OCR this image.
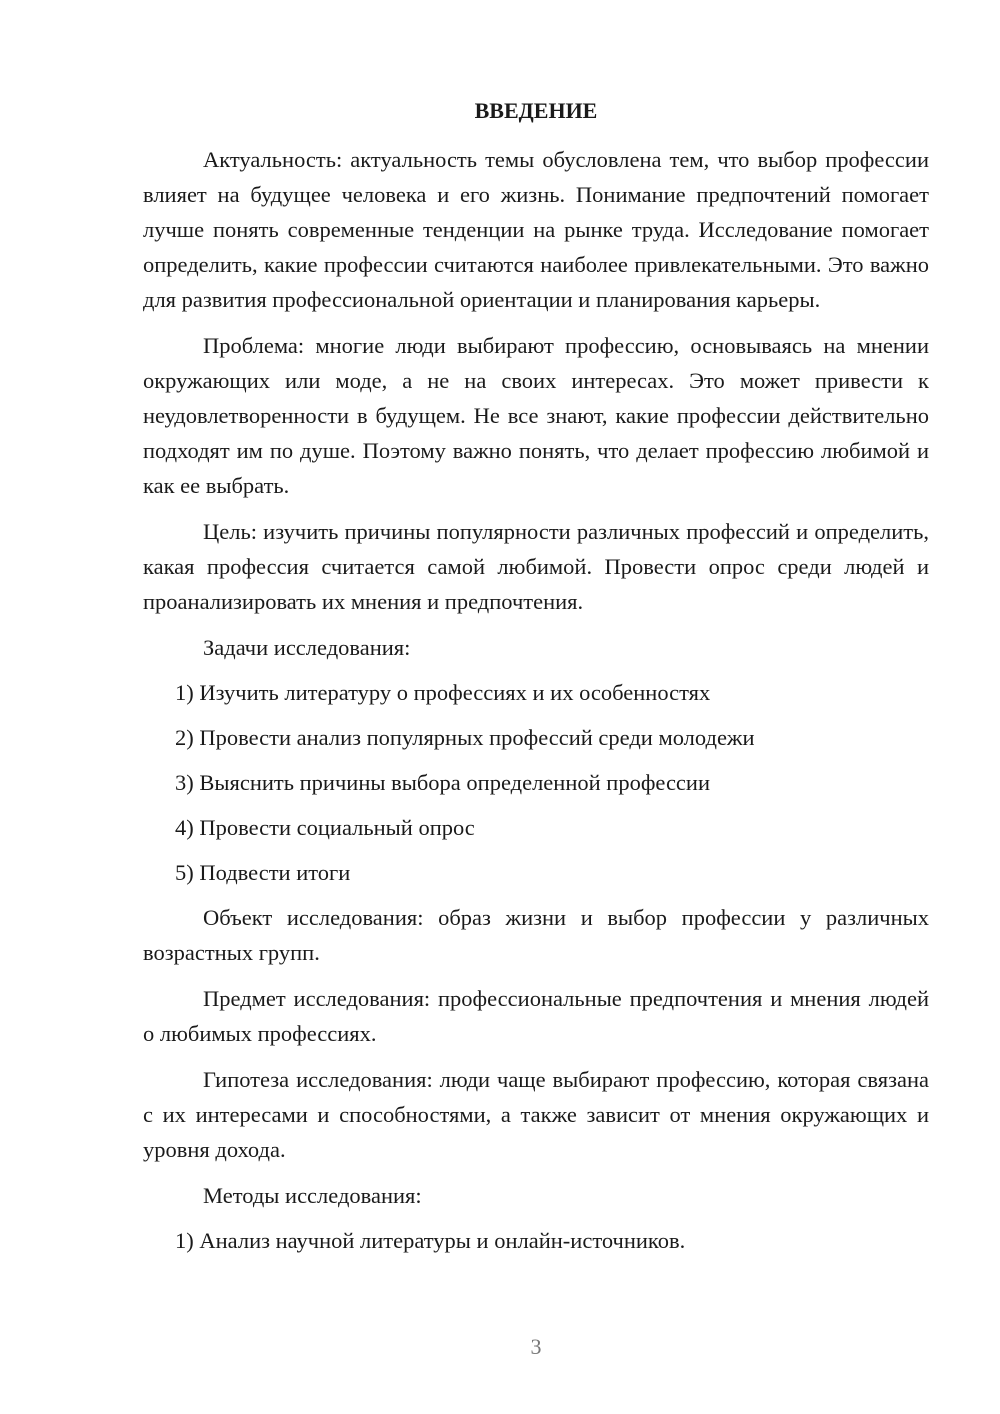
ВВЕДЕНИЕ

Актуальность: актуальность темы обусловлена тем, что выбор профессии влияет на будущее человека и его жизнь. Понимание предпочтений помогает лучше понять современные тенденции на рынке труда. Исследование помогает определить, какие профессии считаются наиболее привлекательными. Это важно для развития профессиональной ориентации и планирования карьеры.

Проблема: многие люди выбирают профессию, основываясь на мнении окружающих или моде, а не на своих интересах. Это может привести к неудовлетворенности в будущем. Не все знают, какие профессии действительно подходят им по душе. Поэтому важно понять, что делает профессию любимой и как ее выбрать.

Цель: изучить причины популярности различных профессий и определить, какая профессия считается самой любимой. Провести опрос среди людей и проанализировать их мнения и предпочтения.

Задачи исследования:

1) Изучить литературу о профессиях и их особенностях

2) Провести анализ популярных профессий среди молодежи

3) Выяснить причины выбора определенной профессии

4) Провести социальный опрос

5) Подвести итоги

Объект исследования: образ жизни и выбор профессии у различных возрастных групп.

Предмет исследования: профессиональные предпочтения и мнения людей о любимых профессиях.

Гипотеза исследования: люди чаще выбирают профессию, которая связана с их интересами и способностями, а также зависит от мнения окружающих и уровня дохода.

Методы исследования:

1) Анализ научной литературы и онлайн-источников.

3
